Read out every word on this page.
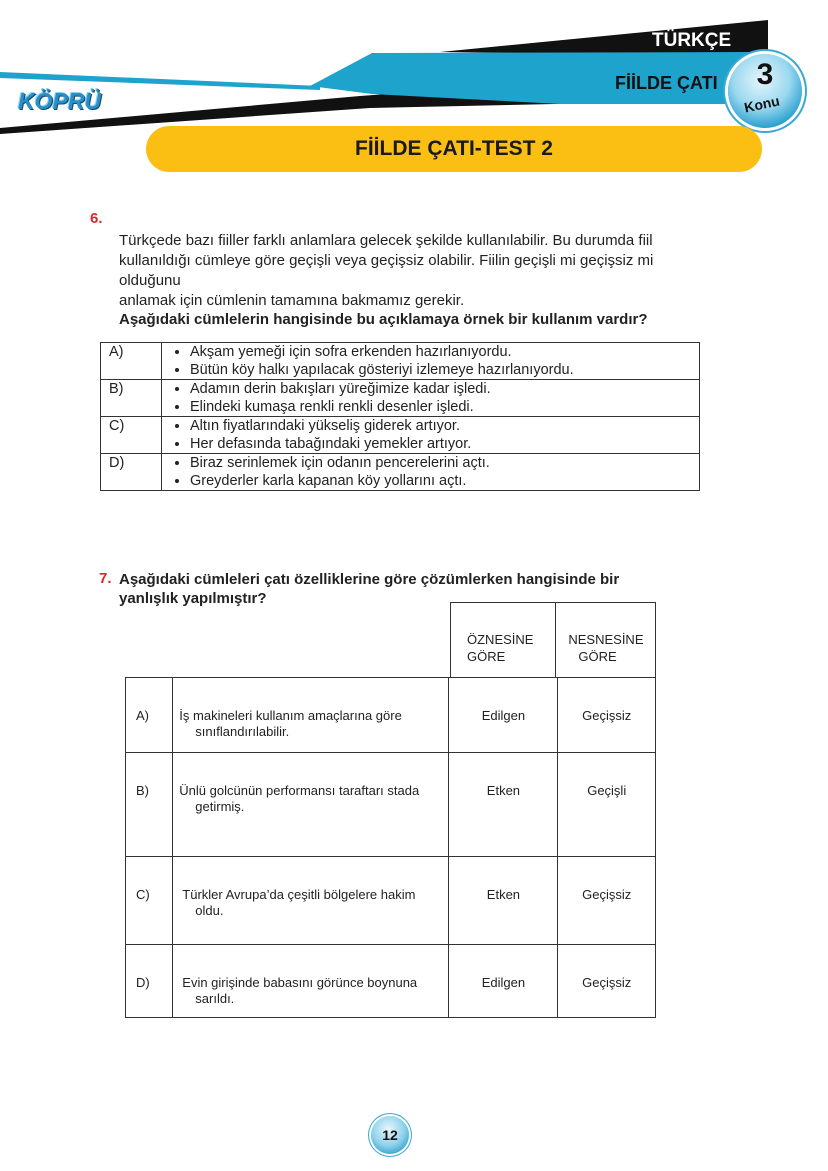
KÖPRÜ
TÜRKÇE
FİİLDE ÇATI	3
Konu
FİİLDE ÇATI-TEST 2
6.

Türkçede bazı fiiller farklı anlamlara gelecek şekilde kullanılabilir. Bu durumda fiil

kullanıldığı cümleye göre geçişli veya geçişsiz olabilir. Fiilin geçişli mi geçişsiz mi olduğunu

anlamak için cümlenin tamamına bakmamız gerekir.

Aşağıdaki cümlelerin hangisinde bu açıklamaya örnek bir kullanım vardır?
A)	
•Akşam yemeği için sofra erkenden hazırlanıyordu.
• Bütün köy halkı yapılacak gösteriyi izlemeye hazırlanıyordu.

B)	
•Adamın derin bakışları yüreğimize kadar işledi.
• Elindeki kumaşa renkli renkli desenler işledi.

C)	
•Altın fiyatlarındaki yükseliş giderek artıyor.
• Her defasında tabağındaki yemekler artıyor.

D)	
•Biraz serinlemek için odanın pencerelerini açtı.
• Greyderler karla kapanan köy yollarını açtı.
7. Aşağıdaki cümleleri çatı özelliklerine göre çözümlerken hangisinde bir yanlışlık yapılmıştır?
ÖZNESİNE
GÖRE	NESNESİNE
GÖRE
A)	İş makineleri kullanım amaçlarına göre
sınıflandırılabilir.	Edilgen	Geçişsiz
B)	Ünlü golcünün performansı taraftarı stada
getirmiş.	Etken	Geçişli
C)	Türkler Avrupa’da çeşitli bölgelere hakim
oldu.	Etken	Geçişsiz
D)	Evin girişinde babasını görünce boynuna
sarıldı.	Edilgen	Geçişsiz
12
